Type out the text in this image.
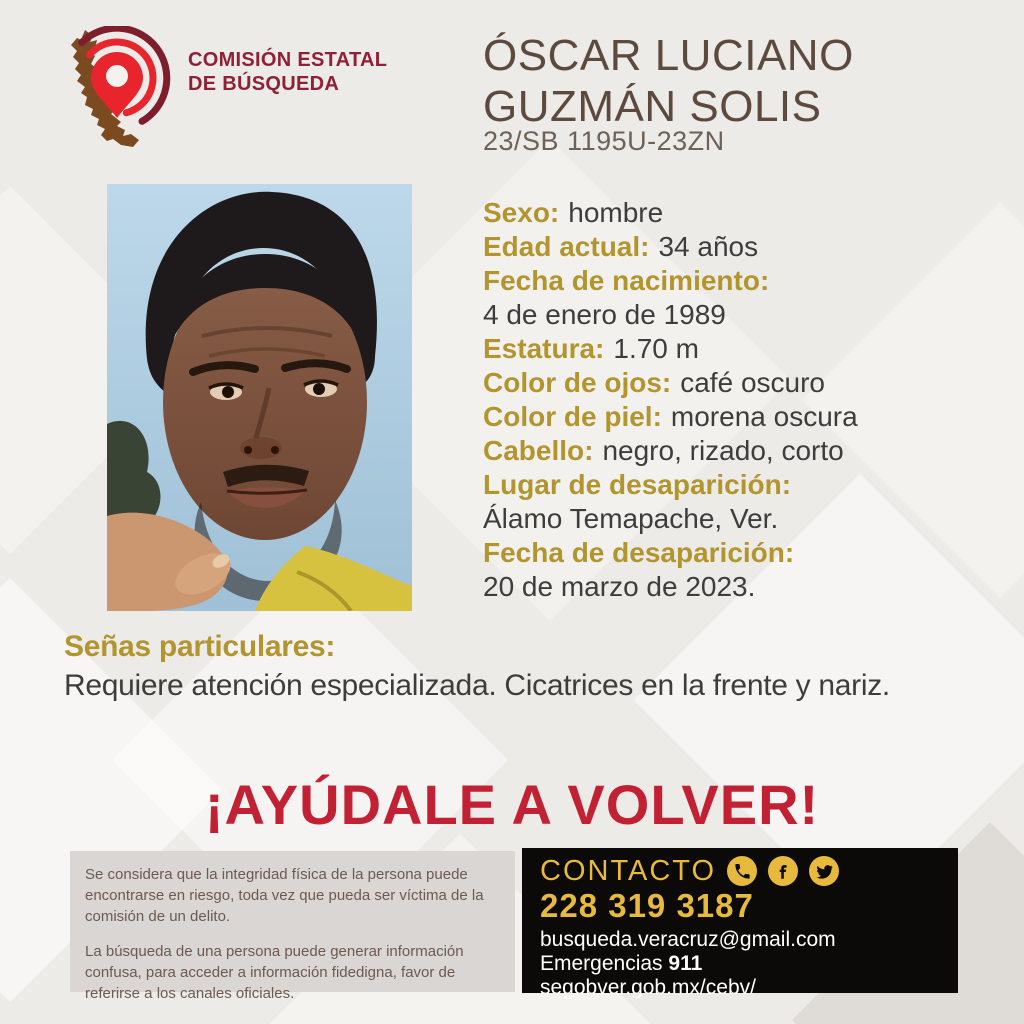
COMISIÓN ESTATAL
DE BÚSQUEDA
ÓSCAR LUCIANO
GUZMÁN SOLIS
23/SB 1195U-23ZN
Sexo: hombre
Edad actual: 34 años
Fecha de nacimiento:
4 de enero de 1989
Estatura: 1.70 m
Color de ojos: café oscuro
Color de piel: morena oscura
Cabello: negro, rizado, corto
Lugar de desaparición:
Álamo Temapache, Ver.
Fecha de desaparición:
20 de marzo de 2023.
Señas particulares:
Requiere atención especializada. Cicatrices en la frente y nariz.
¡AYÚDALE A VOLVER!

Se considera que la integridad física de la persona puede encontrarse en riesgo, toda vez que pueda ser víctima de la comisión de un delito.

La búsqueda de una persona puede generar información confusa, para acceder a información fidedigna, favor de referirse a los canales oficiales.

CONTACTO
228 319 3187
busqueda.veracruz@gmail.com
Emergencias 911
segobver.gob.mx/cebv/
